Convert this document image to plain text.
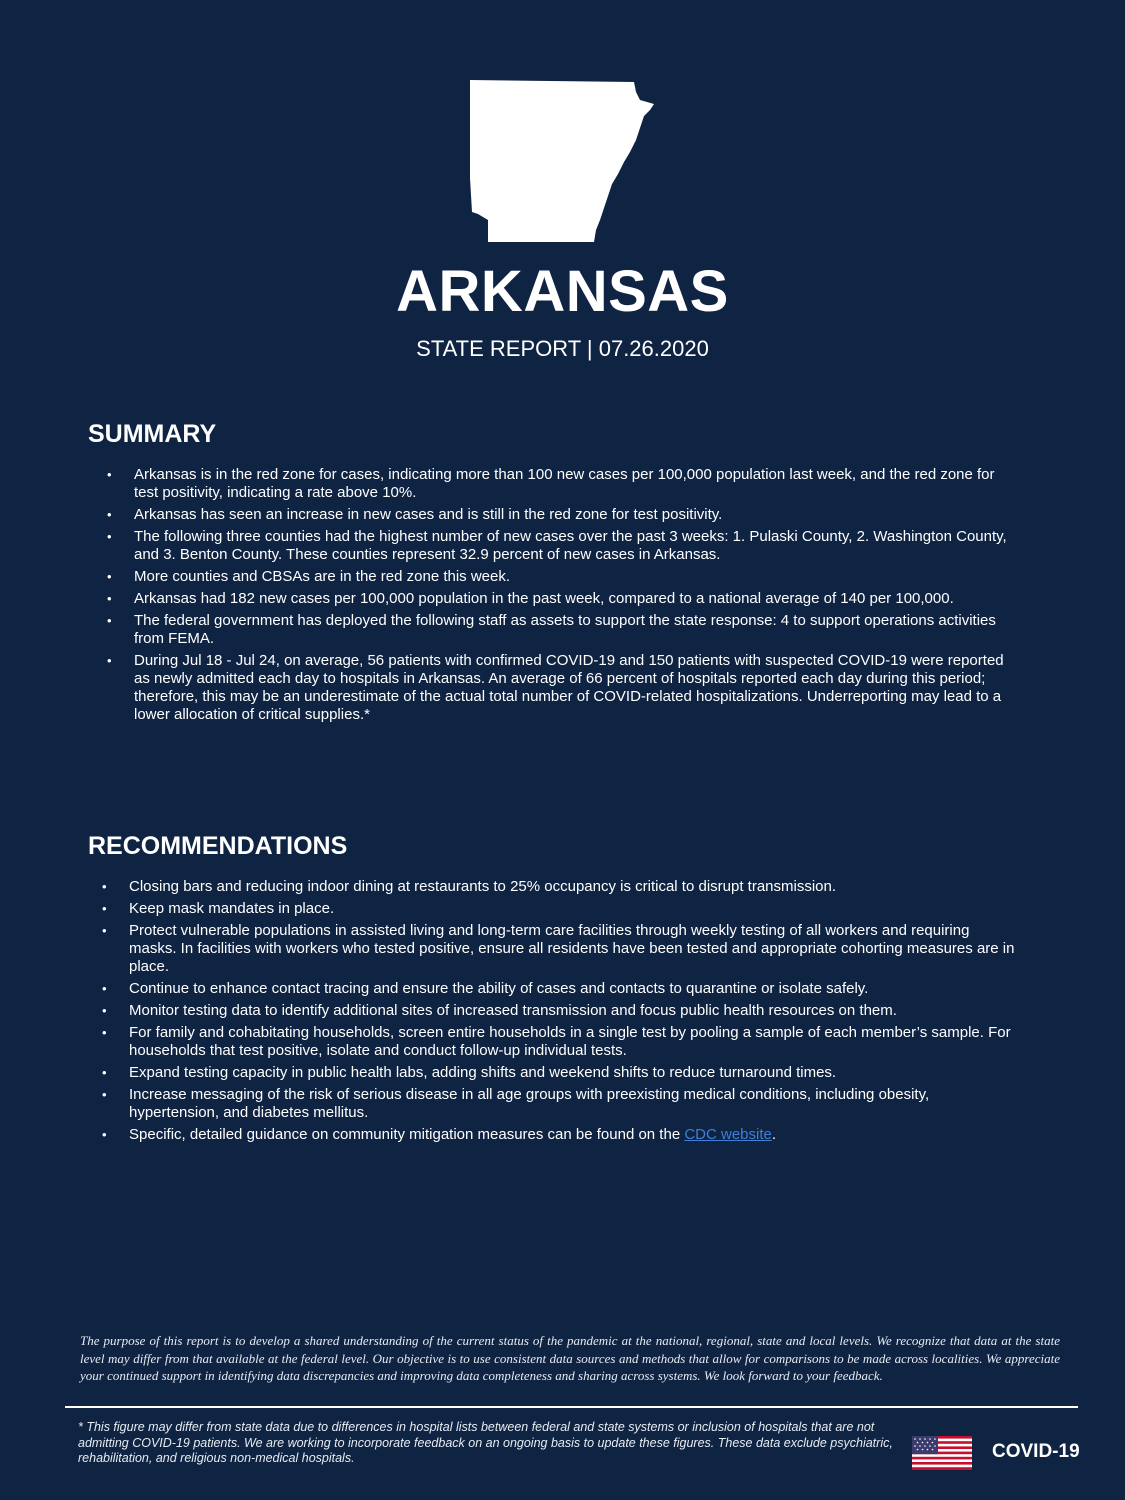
ARKANSAS
STATE REPORT | 07.26.2020
SUMMARY
• Arkansas is in the red zone for cases, indicating more than 100 new cases per 100,000 population last week, and the red zone for test positivity, indicating a rate above 10%.
• Arkansas has seen an increase in new cases and is still in the red zone for test positivity.
• The following three counties had the highest number of new cases over the past 3 weeks: 1. Pulaski County, 2. Washington County, and 3. Benton County. These counties represent 32.9 percent of new cases in Arkansas.
• More counties and CBSAs are in the red zone this week.
• Arkansas had 182 new cases per 100,000 population in the past week, compared to a national average of 140 per 100,000.
• The federal government has deployed the following staff as assets to support the state response: 4 to support operations activities from FEMA.
• During Jul 18 - Jul 24, on average, 56 patients with confirmed COVID-19 and 150 patients with suspected COVID-19 were reported as newly admitted each day to hospitals in Arkansas. An average of 66 percent of hospitals reported each day during this period; therefore, this may be an underestimate of the actual total number of COVID-related hospitalizations. Underreporting may lead to a lower allocation of critical supplies.*
RECOMMENDATIONS
• Closing bars and reducing indoor dining at restaurants to 25% occupancy is critical to disrupt transmission.
• Keep mask mandates in place.
• Protect vulnerable populations in assisted living and long-term care facilities through weekly testing of all workers and requiring masks. In facilities with workers who tested positive, ensure all residents have been tested and appropriate cohorting measures are in place.
• Continue to enhance contact tracing and ensure the ability of cases and contacts to quarantine or isolate safely.
• Monitor testing data to identify additional sites of increased transmission and focus public health resources on them.
• For family and cohabitating households, screen entire households in a single test by pooling a sample of each member’s sample. For households that test positive, isolate and conduct follow-up individual tests.
• Expand testing capacity in public health labs, adding shifts and weekend shifts to reduce turnaround times.
• Increase messaging of the risk of serious disease in all age groups with preexisting medical conditions, including obesity, hypertension, and diabetes mellitus.
• Specific, detailed guidance on community mitigation measures can be found on the CDC website.
The purpose of this report is to develop a shared understanding of the current status of the pandemic at the national, regional, state and local levels. We recognize that data at the state level may differ from that available at the federal level. Our objective is to use consistent data sources and methods that allow for comparisons to be made across localities. We appreciate your continued support in identifying data discrepancies and improving data completeness and sharing across systems. We look forward to your feedback.
* This figure may differ from state data due to differences in hospital lists between federal and state systems or inclusion of hospitals that are not admitting COVID-19 patients. We are working to incorporate feedback on an ongoing basis to update these figures. These data exclude psychiatric, rehabilitation, and religious non-medical hospitals.	COVID-19
